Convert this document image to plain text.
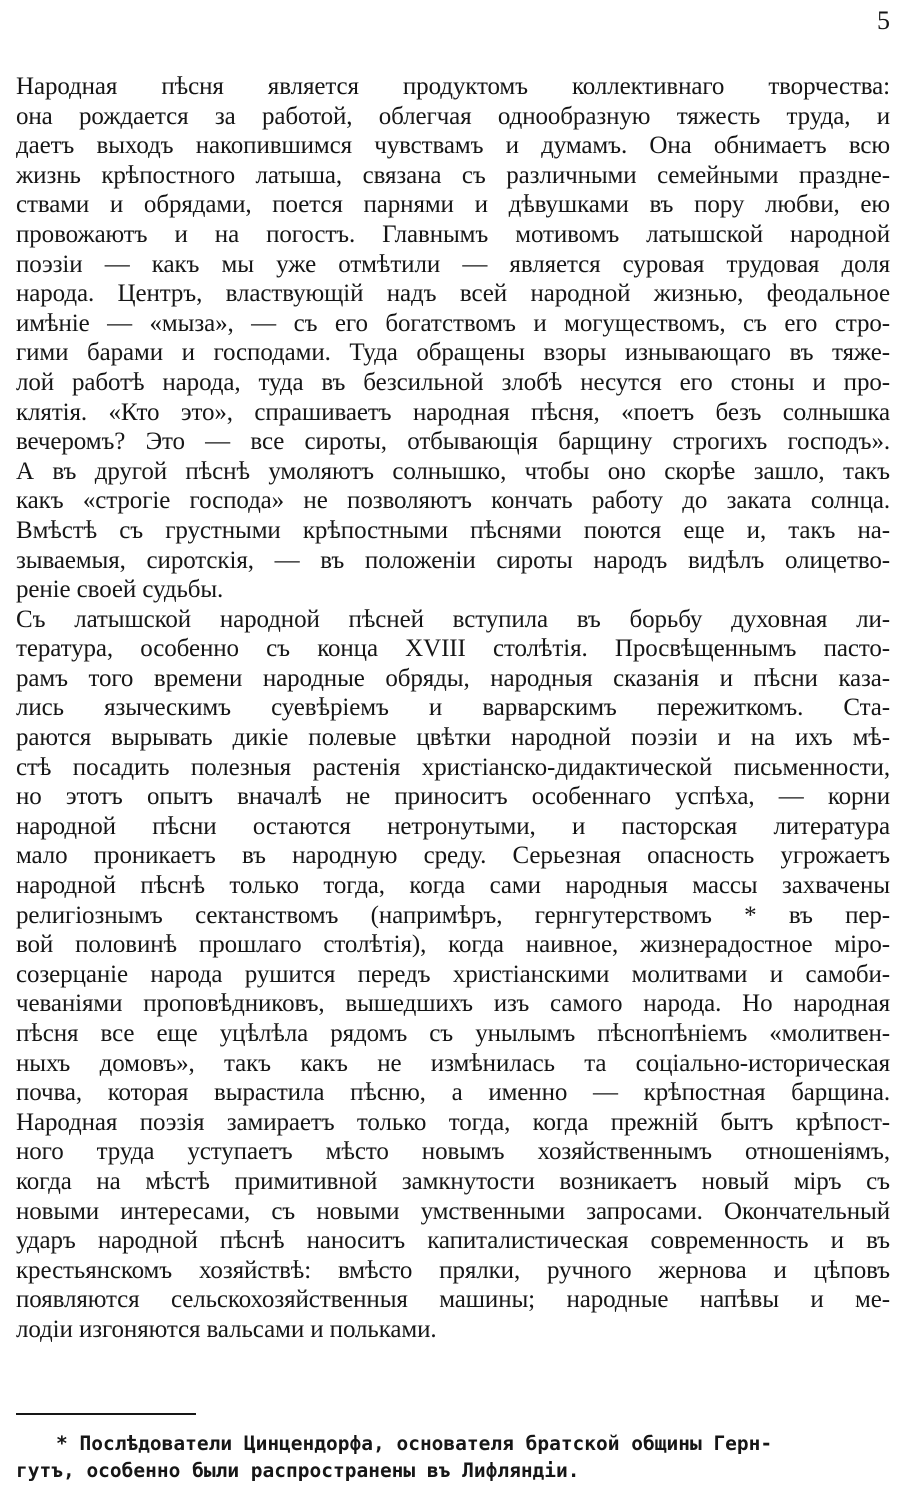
5
Народная пѣсня является продуктомъ коллективнаго творчества:
она рождается за работой, облегчая однообразную тяжесть труда, и
даетъ выходъ накопившимся чувствамъ и думамъ. Она обнимаетъ всю
жизнь крѣпостного латыша, связана съ различными семейными праздне-
ствами и обрядами, поется парнями и дѣвушками въ пору любви, ею
провожаютъ и на погостъ. Главнымъ мотивомъ латышской народной
поэзіи — какъ мы уже отмѣтили — является суровая трудовая доля
народа. Центръ, властвующій надъ всей народной жизнью, феодальное
имѣніе — «мыза», — съ его богатствомъ и могуществомъ, съ его стро-
гими барами и господами. Туда обращены взоры изнывающаго въ тяже-
лой работѣ народа, туда въ безсильной злобѣ несутся его стоны и про-
клятія. «Кто это», спрашиваетъ народная пѣсня, «поетъ безъ солнышка
вечеромъ? Это — все сироты, отбывающія барщину строгихъ господъ».
А въ другой пѣснѣ умоляютъ солнышко, чтобы оно скорѣе зашло, такъ
какъ «строгіе господа» не позволяютъ кончать работу до заката солнца.
Вмѣстѣ съ грустными крѣпостными пѣснями поются еще и, такъ на-
зываемыя, сиротскія, — въ положеніи сироты народъ видѣлъ олицетво-
реніе своей судьбы.
Съ латышской народной пѣсней вступила въ борьбу духовная ли-
тература, особенно съ конца XVIII столѣтія. Просвѣщеннымъ пасто-
рамъ того времени народные обряды, народныя сказанія и пѣсни каза-
лись языческимъ суевѣріемъ и варварскимъ пережиткомъ. Ста-
раются вырывать дикіе полевые цвѣтки народной поэзіи и на ихъ мѣ-
стѣ посадить полезныя растенія христіанско-дидактической письменности,
но этотъ опытъ вначалѣ не приноситъ особеннаго успѣха, — корни
народной пѣсни остаются нетронутыми, и пасторская литература
мало проникаетъ въ народную среду. Серьезная опасность угрожаетъ
народной пѣснѣ только тогда, когда сами народныя массы захвачены
религіознымъ сектанствомъ (напримѣръ, гернгутерствомъ * въ пер-
вой половинѣ прошлаго столѣтія), когда наивное, жизнерадостное міро-
созерцаніе народа рушится передъ христіанскими молитвами и самоби-
чеваніями проповѣдниковъ, вышедшихъ изъ самого народа. Но народная
пѣсня все еще уцѣлѣла рядомъ съ унылымъ пѣснопѣніемъ «молитвен-
ныхъ домовъ», такъ какъ не измѣнилась та соціально-историческая
почва, которая вырастила пѣсню, а именно — крѣпостная барщина.
Народная поэзія замираетъ только тогда, когда прежній бытъ крѣпост-
ного труда уступаетъ мѣсто новымъ хозяйственнымъ отношеніямъ,
когда на мѣстѣ примитивной замкнутости возникаетъ новый міръ съ
новыми интересами, съ новыми умственными запросами. Окончательный
ударъ народной пѣснѣ наноситъ капиталистическая современность и въ
крестьянскомъ хозяйствѣ: вмѣсто прялки, ручного жернова и цѣповъ
появляются сельскохозяйственныя машины; народные напѣвы и ме-
лодіи изгоняются вальсами и польками.
* Послѣдователи Цинцендорфа, основателя братской общины Герн-
гутъ, особенно были распространены въ Лифляндіи.
